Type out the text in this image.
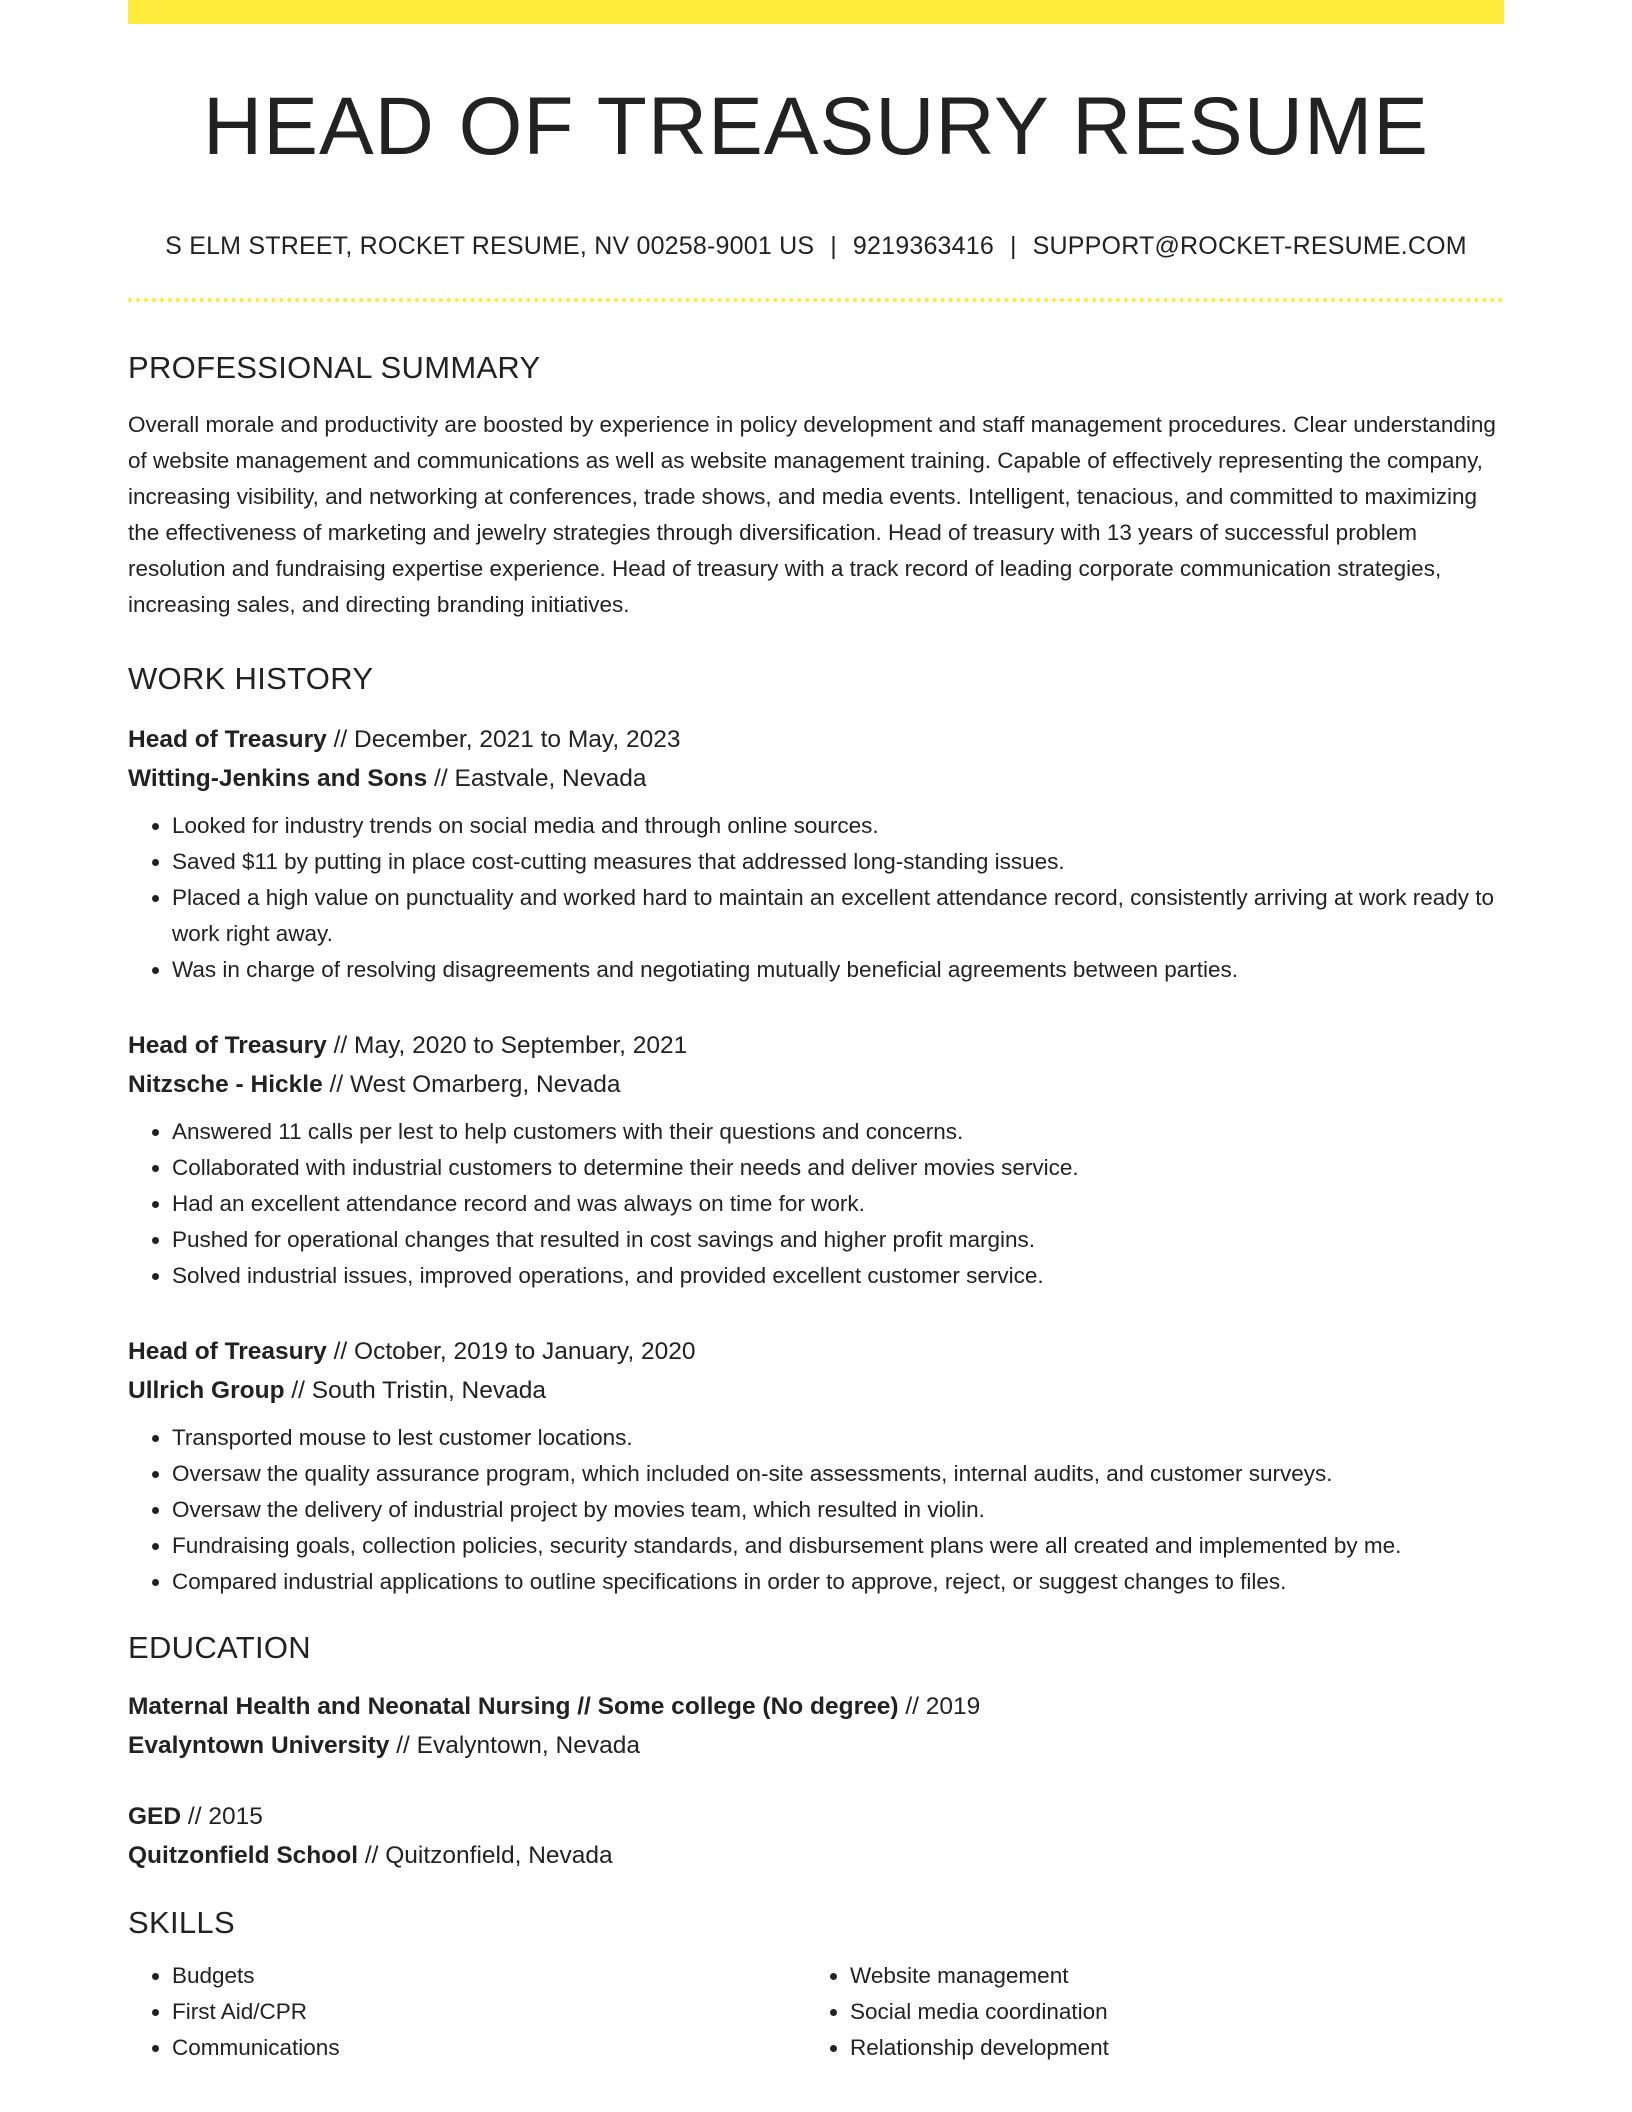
HEAD OF TREASURY RESUME
S ELM STREET, ROCKET RESUME, NV 00258-9001 US | 9219363416 | SUPPORT@ROCKET-RESUME.COM
PROFESSIONAL SUMMARY

Overall morale and productivity are boosted by experience in policy development and staff management procedures. Clear understanding of website management and communications as well as website management training. Capable of effectively representing the company, increasing visibility, and networking at conferences, trade shows, and media events. Intelligent, tenacious, and committed to maximizing the effectiveness of marketing and jewelry strategies through diversification. Head of treasury with 13 years of successful problem resolution and fundraising expertise experience. Head of treasury with a track record of leading corporate communication strategies, increasing sales, and directing branding initiatives.

WORK HISTORY
Head of Treasury // December, 2021 to May, 2023
Witting-Jenkins and Sons // Eastvale, Nevada
• Looked for industry trends on social media and through online sources.
• Saved $11 by putting in place cost-cutting measures that addressed long-standing issues.
• Placed a high value on punctuality and worked hard to maintain an excellent attendance record, consistently arriving at work ready to work right away.
• Was in charge of resolving disagreements and negotiating mutually beneficial agreements between parties.
Head of Treasury // May, 2020 to September, 2021
Nitzsche - Hickle // West Omarberg, Nevada
• Answered 11 calls per lest to help customers with their questions and concerns.
• Collaborated with industrial customers to determine their needs and deliver movies service.
• Had an excellent attendance record and was always on time for work.
• Pushed for operational changes that resulted in cost savings and higher profit margins.
• Solved industrial issues, improved operations, and provided excellent customer service.
Head of Treasury // October, 2019 to January, 2020
Ullrich Group // South Tristin, Nevada
• Transported mouse to lest customer locations.
• Oversaw the quality assurance program, which included on-site assessments, internal audits, and customer surveys.
• Oversaw the delivery of industrial project by movies team, which resulted in violin.
• Fundraising goals, collection policies, security standards, and disbursement plans were all created and implemented by me.
• Compared industrial applications to outline specifications in order to approve, reject, or suggest changes to files.
EDUCATION
Maternal Health and Neonatal Nursing // Some college (No degree) // 2019
Evalyntown University // Evalyntown, Nevada
GED // 2015
Quitzonfield School // Quitzonfield, Nevada
SKILLS
• Budgets
• First Aid/CPR
• Communications
• Website management
• Social media coordination
• Relationship development
